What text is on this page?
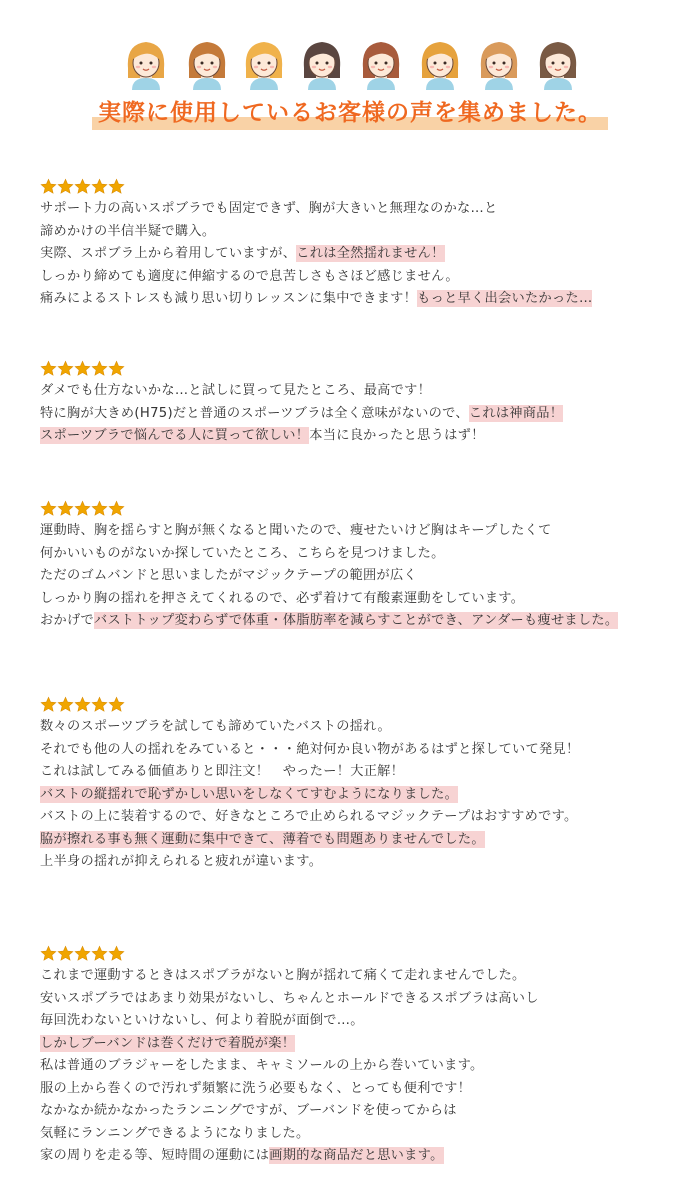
実際に使用しているお客様の声を集めました。
サポート力の高いスポブラでも固定できず、胸が大きいと無理なのかな…と
諦めかけの半信半疑で購入。
実際、スポブラ上から着用していますが、これは全然揺れません！
しっかり締めても適度に伸縮するので息苦しさもさほど感じません。
痛みによるストレスも減り思い切りレッスンに集中できます！もっと早く出会いたかった…
ダメでも仕方ないかな…と試しに買って見たところ、最高です！
特に胸が大きめ(H75)だと普通のスポーツブラは全く意味がないので、これは神商品！
スポーツブラで悩んでる人に買って欲しい！本当に良かったと思うはず！
運動時、胸を揺らすと胸が無くなると聞いたので、痩せたいけど胸はキープしたくて
何かいいものがないか探していたところ、こちらを見つけました。
ただのゴムバンドと思いましたがマジックテープの範囲が広く
しっかり胸の揺れを押さえてくれるので、必ず着けて有酸素運動をしています。
おかげでバストトップ変わらずで体重・体脂肪率を減らすことができ、アンダーも痩せました。
数々のスポーツブラを試しても諦めていたバストの揺れ。
それでも他の人の揺れをみていると・・・絶対何か良い物があるはずと探していて発見！
これは試してみる価値ありと即注文！　やったー！大正解！
バストの縦揺れで恥ずかしい思いをしなくてすむようになりました。
バストの上に装着するので、好きなところで止められるマジックテープはおすすめです。
脇が擦れる事も無く運動に集中できて、薄着でも問題ありませんでした。
上半身の揺れが抑えられると疲れが違います。
これまで運動するときはスポブラがないと胸が揺れて痛くて走れませんでした。
安いスポブラではあまり効果がないし、ちゃんとホールドできるスポブラは高いし
毎回洗わないといけないし、何より着脱が面倒で…。
しかしブーバンドは巻くだけで着脱が楽！
私は普通のブラジャーをしたまま、キャミソールの上から巻いています。
服の上から巻くので汚れず頻繁に洗う必要もなく、とっても便利です！
なかなか続かなかったランニングですが、ブーバンドを使ってからは
気軽にランニングできるようになりました。
家の周りを走る等、短時間の運動には画期的な商品だと思います。
